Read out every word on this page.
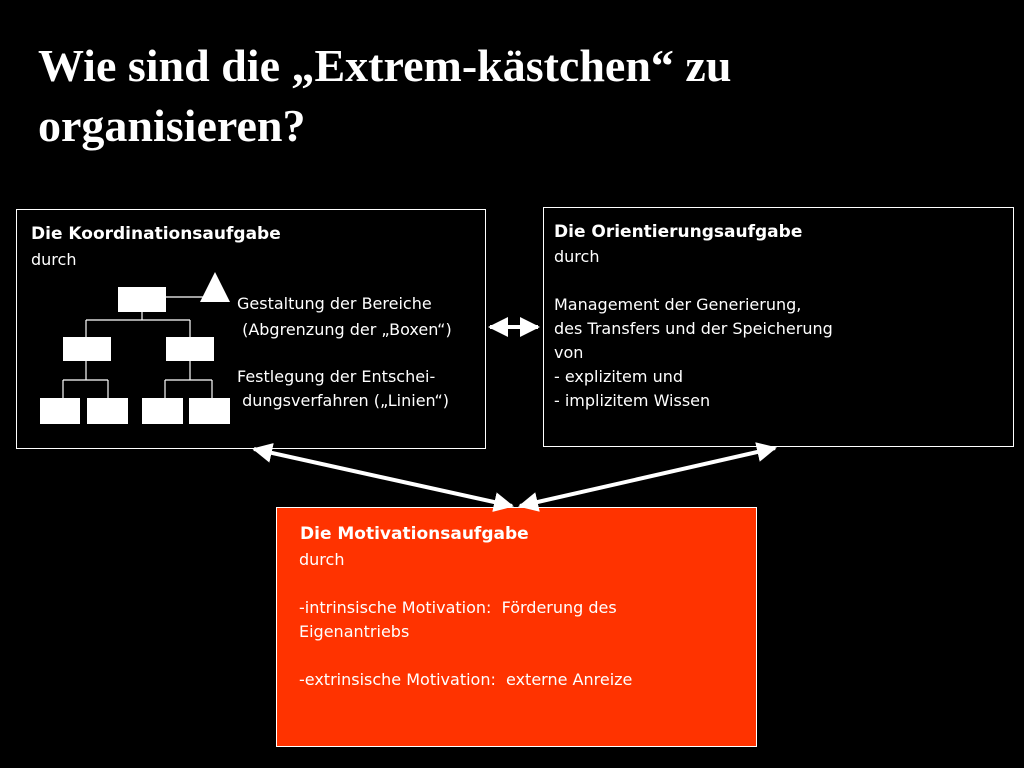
Wie sind die „Extrem-kästchen“ zu organisieren?
Die Koordinationsaufgabe
durch
Gestaltung der Bereiche
(Abgrenzung der „Boxen“)
Festlegung der Entschei-
dungsverfahren („Linien“)
Die Orientierungsaufgabe
durch
Management der Generierung,
des Transfers und der Speicherung
von
- explizitem und
- implizitem Wissen
Die Motivationsaufgabe
durch
-intrinsische Motivation:  Förderung des
Eigenantriebs
-extrinsische Motivation:  externe Anreize
